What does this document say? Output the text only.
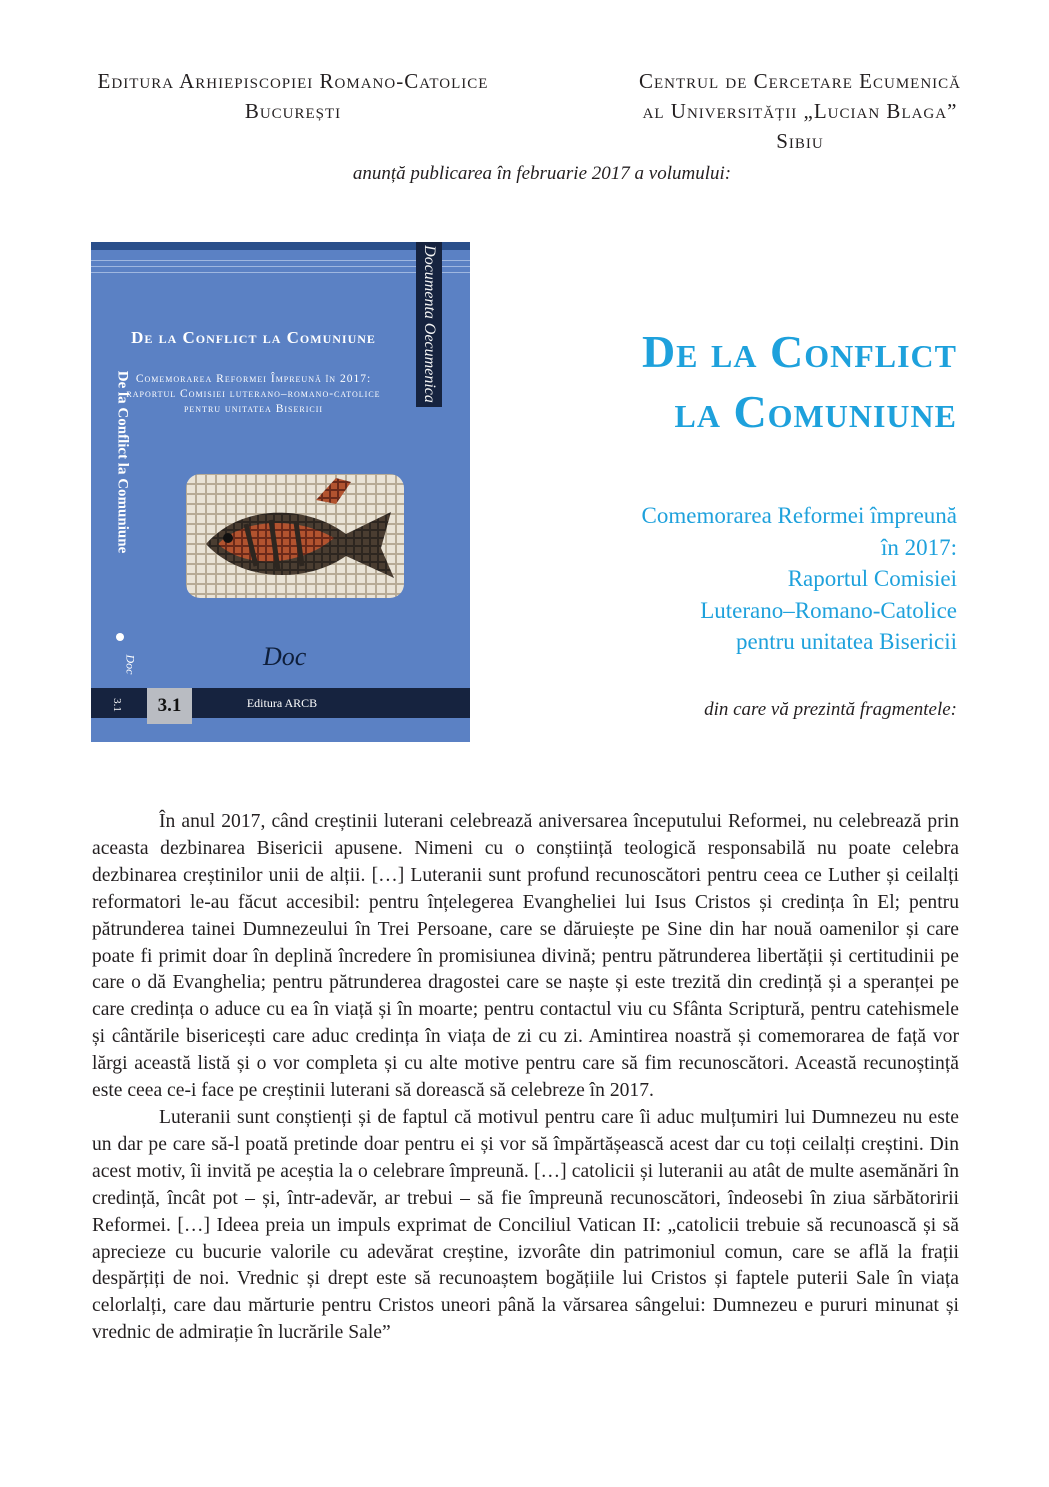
Editura Arhiepiscopiei Romano-Catolice
București
Centrul de Cercetare Ecumenică
al Universității „Lucian Blaga”
Sibiu
anunță publicarea în februarie 2017 a volumului:
Documenta Oecumenica
De la Conflict la Comuniune
Comemorarea Reformei Împreună în 2017:
raportul Comisiei luterano–romano-catolice
pentru unitatea Bisericii
De la Conflict la Comuniune
Doc	Doc
3.1	3.1	Editura ARCB
De la Conflict
la Comuniune
Comemorarea Reformei împreună
în 2017:
Raportul Comisiei
Luterano–Romano-Catolice
pentru unitatea Bisericii
din care vă prezintă fragmentele:

În anul 2017, când creștinii luterani celebrează aniversarea începutului Reformei, nu celebrează prin aceasta dezbinarea Bisericii apusene. Nimeni cu o conștiință teologică responsabilă nu poate celebra dezbinarea creștinilor unii de alții. […] Luteranii sunt profund recunoscători pentru ceea ce Luther și ceilalți reformatori le-au făcut accesibil: pentru înțelegerea Evangheliei lui Isus Cristos și credința în El; pentru pătrunderea tainei Dumnezeului în Trei Persoane, care se dăruiește pe Sine din har nouă oamenilor și care poate fi primit doar în deplină încredere în promisiunea divină; pentru pătrunderea libertății și certitudinii pe care o dă Evanghelia; pentru pătrunderea dragostei care se naște și este trezită din credință și a speranței pe care credința o aduce cu ea în viață și în moarte; pentru contactul viu cu Sfânta Scriptură, pentru catehismele și cântările bisericești care aduc credința în viața de zi cu zi. Amintirea noastră și comemorarea de față vor lărgi această listă și o vor completa și cu alte motive pentru care să fim recunoscători. Această recunoștință este ceea ce-i face pe creștinii luterani să dorească să celebreze în 2017.

Luteranii sunt conștienți și de faptul că motivul pentru care îi aduc mulțumiri lui Dumnezeu nu este un dar pe care să-l poată pretinde doar pentru ei și vor să împărtășească acest dar cu toți ceilalți creștini. Din acest motiv, îi invită pe aceștia la o celebrare împreună. […] catolicii și luteranii au atât de multe asemănări în credință, încât pot – și, într-adevăr, ar trebui – să fie împreună recunoscători, îndeosebi în ziua sărbătoririi Reformei. […] Ideea preia un impuls exprimat de Conciliul Vatican II: „catolicii trebuie să recunoască și să aprecieze cu bucurie valorile cu adevărat creștine, izvorâte din patrimoniul comun, care se află la frații despărțiți de noi. Vrednic și drept este să recunoaștem bogățiile lui Cristos și faptele puterii Sale în viața celorlalți, care dau mărturie pentru Cristos uneori până la vărsarea sângelui: Dumnezeu e pururi minunat și vrednic de admirație în lucrările Sale”
